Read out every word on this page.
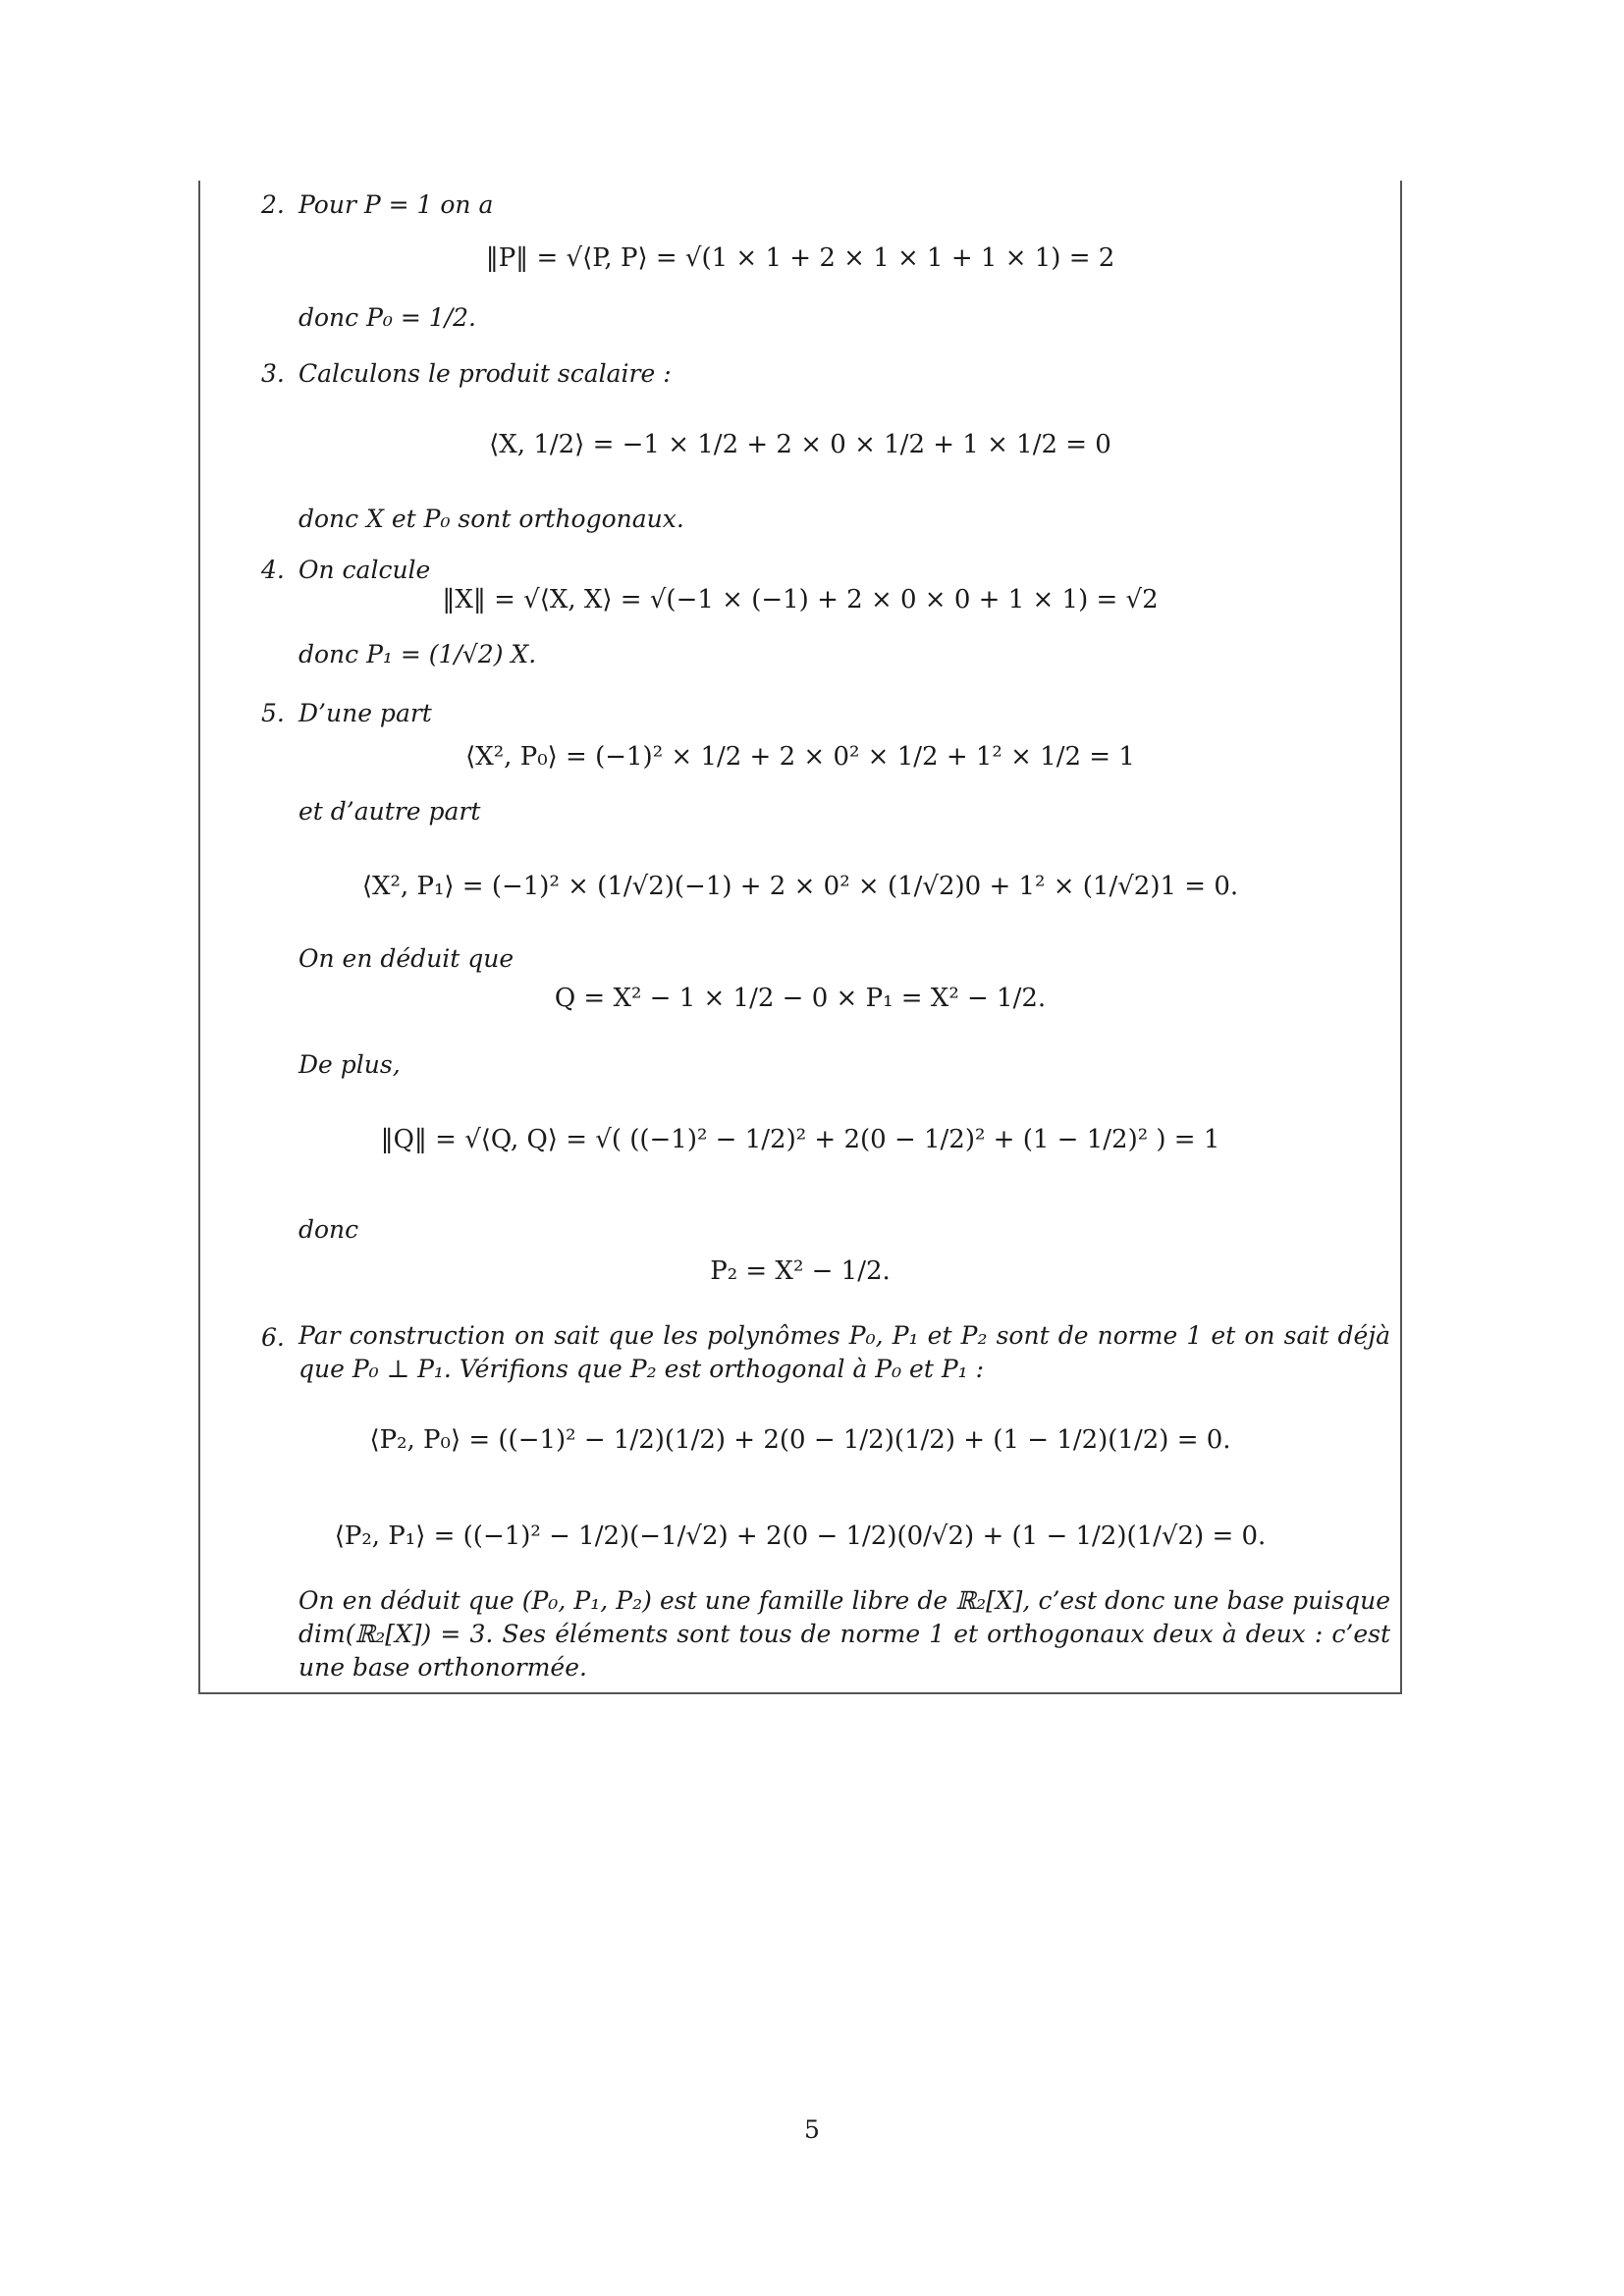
2. Pour P = 1 on a
‖P‖ = √⟨P, P⟩ = √(1 × 1 + 2 × 1 × 1 + 1 × 1) = 2
donc P₀ = 1/2.
3. Calculons le produit scalaire :
⟨X, 1/2⟩ = −1 × 1/2 + 2 × 0 × 1/2 + 1 × 1/2 = 0
donc X et P₀ sont orthogonaux.
4. On calcule
‖X‖ = √⟨X, X⟩ = √(−1 × (−1) + 2 × 0 × 0 + 1 × 1) = √2
donc P₁ = (1/√2) X.
5. D’une part
⟨X², P₀⟩ = (−1)² × 1/2 + 2 × 0² × 1/2 + 1² × 1/2 = 1
et d’autre part
⟨X², P₁⟩ = (−1)² × (1/√2)(−1) + 2 × 0² × (1/√2)0 + 1² × (1/√2)1 = 0.
On en déduit que
Q = X² − 1 × 1/2 − 0 × P₁ = X² − 1/2.
De plus,
‖Q‖ = √⟨Q, Q⟩ = √( ((−1)² − 1/2)² + 2(0 − 1/2)² + (1 − 1/2)² ) = 1
donc
P₂ = X² − 1/2.
6. Par construction on sait que les polynômes P₀, P₁ et P₂ sont de norme 1 et on sait déjà que P₀ ⊥ P₁. Vérifions que P₂ est orthogonal à P₀ et P₁ :
⟨P₂, P₀⟩ = ((−1)² − 1/2)(1/2) + 2(0 − 1/2)(1/2) + (1 − 1/2)(1/2) = 0.
⟨P₂, P₁⟩ = ((−1)² − 1/2)(−1/√2) + 2(0 − 1/2)(0/√2) + (1 − 1/2)(1/√2) = 0.
On en déduit que (P₀, P₁, P₂) est une famille libre de ℝ₂[X], c’est donc une base puisque dim(ℝ₂[X]) = 3. Ses éléments sont tous de norme 1 et orthogonaux deux à deux : c’est une base orthonormée.
5
